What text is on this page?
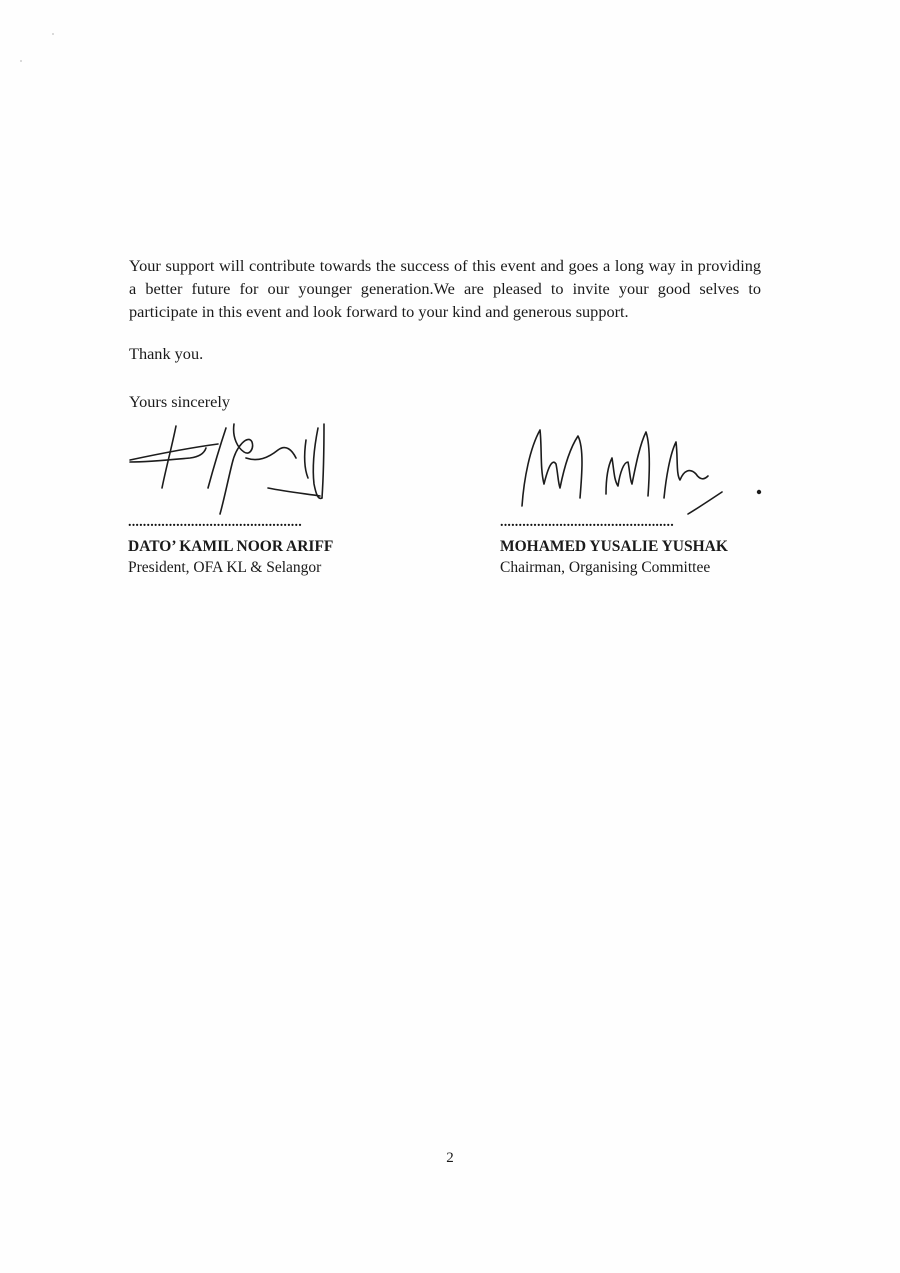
Your support will contribute towards the success of this event and goes a long way in providing a better future for our younger generation.We are pleased to invite your good selves to participate in this event and look forward to your kind and generous support.

Thank you.

Yours sincerely

...............................................
DATO’ KAMIL NOOR ARIFF
President, OFA KL & Selangor
...............................................
MOHAMED YUSALIE YUSHAK
Chairman, Organising Committee
2
